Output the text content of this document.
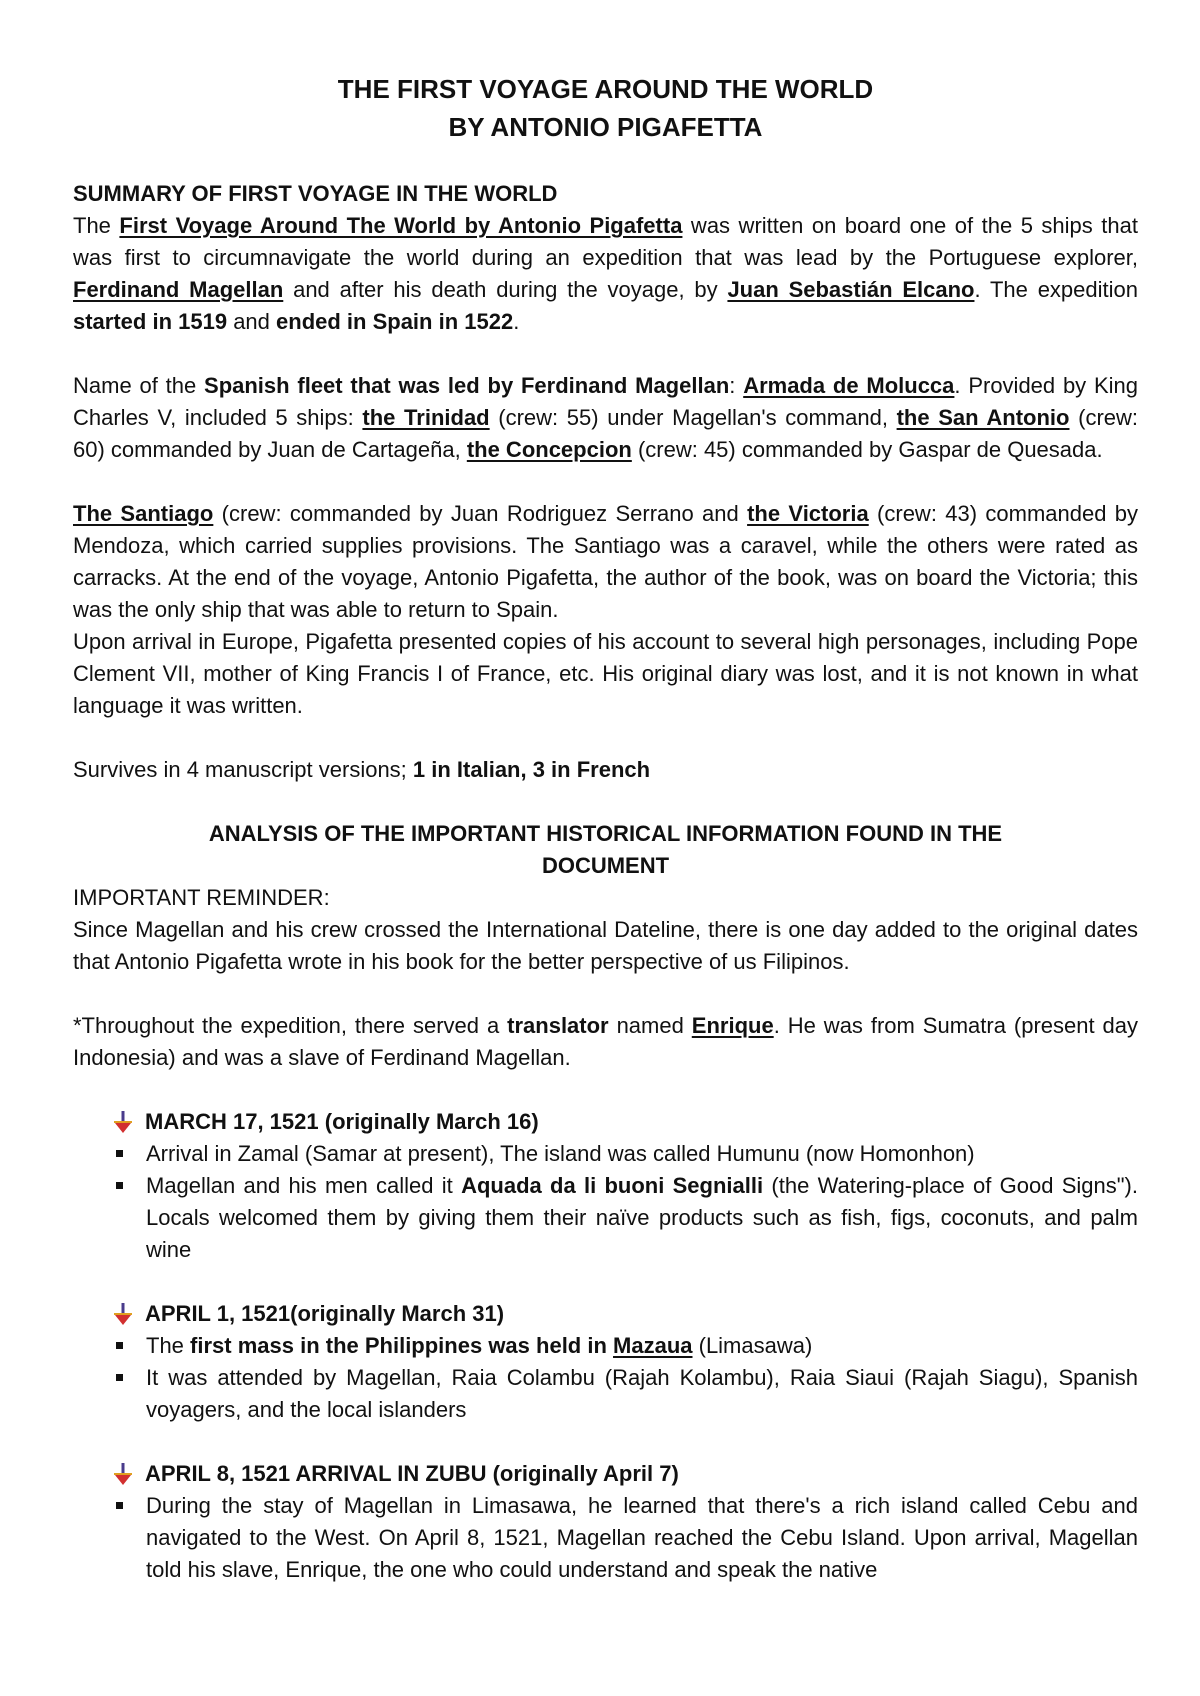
THE FIRST VOYAGE AROUND THE WORLD

BY ANTONIO PIGAFETTA

SUMMARY OF FIRST VOYAGE IN THE WORLD

The First Voyage Around The World by Antonio Pigafetta was written on board one of the 5 ships that was first to circumnavigate the world during an expedition that was lead by the Portuguese explorer, Ferdinand Magellan and after his death during the voyage, by Juan Sebastián Elcano. The expedition started in 1519 and ended in Spain in 1522.

Name of the Spanish fleet that was led by Ferdinand Magellan: Armada de Molucca. Provided by King Charles V, included 5 ships: the Trinidad (crew: 55) under Magellan's command, the San Antonio (crew: 60) commanded by Juan de Cartageña, the Concepcion (crew: 45) commanded by Gaspar de Quesada.

The Santiago (crew: commanded by Juan Rodriguez Serrano and the Victoria (crew: 43) commanded by Mendoza, which carried supplies provisions. The Santiago was a caravel, while the others were rated as carracks. At the end of the voyage, Antonio Pigafetta, the author of the book, was on board the Victoria; this was the only ship that was able to return to Spain.

Upon arrival in Europe, Pigafetta presented copies of his account to several high personages, including Pope Clement VII, mother of King Francis I of France, etc. His original diary was lost, and it is not known in what language it was written.

Survives in 4 manuscript versions; 1 in Italian, 3 in French

ANALYSIS OF THE IMPORTANT HISTORICAL INFORMATION FOUND IN THE

DOCUMENT

IMPORTANT REMINDER:

Since Magellan and his crew crossed the International Dateline, there is one day added to the original dates that Antonio Pigafetta wrote in his book for the better perspective of us Filipinos.

*Throughout the expedition, there served a translator named Enrique. He was from Sumatra (present day Indonesia) and was a slave of Ferdinand Magellan.

MARCH 17, 1521 (originally March 16)
Arrival in Zamal (Samar at present), The island was called Humunu (now Homonhon)
Magellan and his men called it Aquada da li buoni Segnialli (the Watering-place of Good Signs"). Locals welcomed them by giving them their naïve products such as fish, figs, coconuts, and palm wine
APRIL 1, 1521(originally March 31)
The first mass in the Philippines was held in Mazaua (Limasawa)
It was attended by Magellan, Raia Colambu (Rajah Kolambu), Raia Siaui (Rajah Siagu), Spanish voyagers, and the local islanders
APRIL 8, 1521 ARRIVAL IN ZUBU (originally April 7)
During the stay of Magellan in Limasawa, he learned that there's a rich island called Cebu and navigated to the West. On April 8, 1521, Magellan reached the Cebu Island. Upon arrival, Magellan told his slave, Enrique, the one who could understand and speak the native
